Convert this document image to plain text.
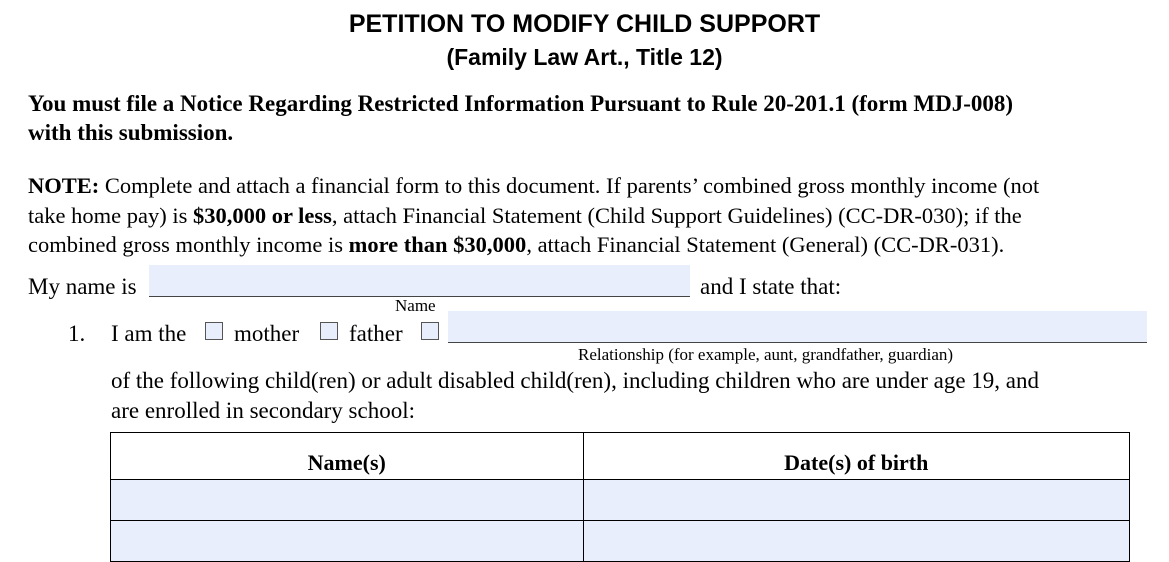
PETITION TO MODIFY CHILD SUPPORT
(Family Law Art., Title 12)
You must file a Notice Regarding Restricted Information Pursuant to Rule 20-201.1 (form MDJ-008)
with this submission.
NOTE: Complete and attach a financial form to this document. If parents’ combined gross monthly income (not
take home pay) is $30,000 or less, attach Financial Statement (Child Support Guidelines) (CC-DR-030); if the
combined gross monthly income is more than $30,000, attach Financial Statement (General) (CC-DR-031).
My name is	and I state that:
Name
1. I am the mother father
Relationship (for example, aunt, grandfather, guardian)
of the following child(ren) or adult disabled child(ren), including children who are under age 19, and
are enrolled in secondary school:
Name(s)	Date(s) of birth
